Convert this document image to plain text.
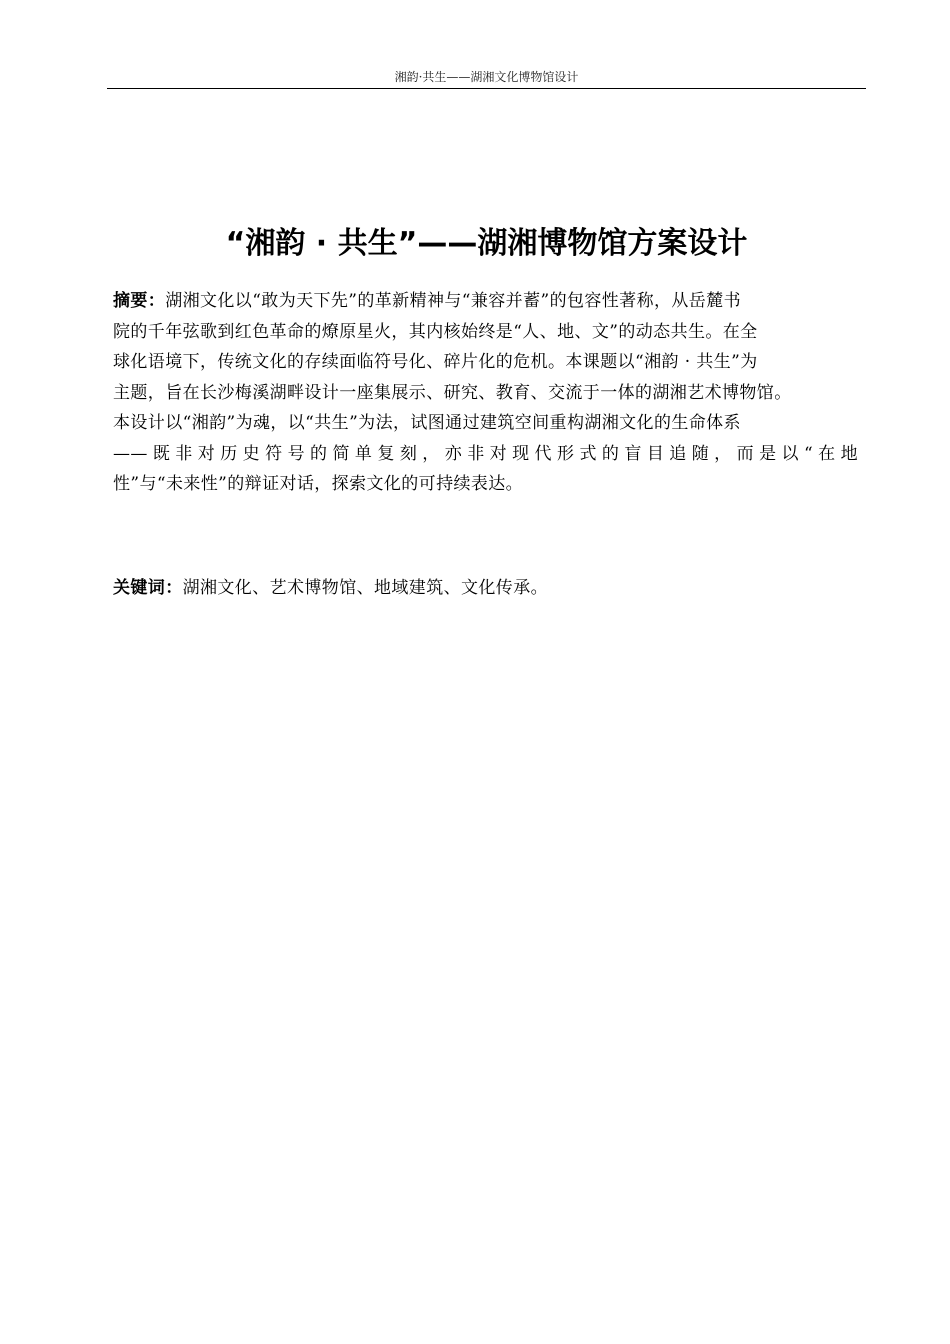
湘韵·共生——湖湘文化博物馆设计
“湘韵 · 共生”——湖湘博物馆方案设计
摘要：湖湘文化以“敢为天下先”的革新精神与“兼容并蓄”的包容性著称，从岳麓书
院的千年弦歌到红色革命的燎原星火，其内核始终是“人、地、文”的动态共生。在全
球化语境下，传统文化的存续面临符号化、碎片化的危机。本课题以“湘韵 · 共生”为
主题，旨在长沙梅溪湖畔设计一座集展示、研究、教育、交流于一体的湖湘艺术博物馆。
本设计以“湘韵”为魂，以“共生”为法，试图通过建筑空间重构湖湘文化的生命体系
——既非对历史符号的简单复刻，亦非对现代形式的盲目追随，而是以“在地
性”与“未来性”的辩证对话，探索文化的可持续表达。
关键词：湖湘文化、艺术博物馆、地域建筑、文化传承。
